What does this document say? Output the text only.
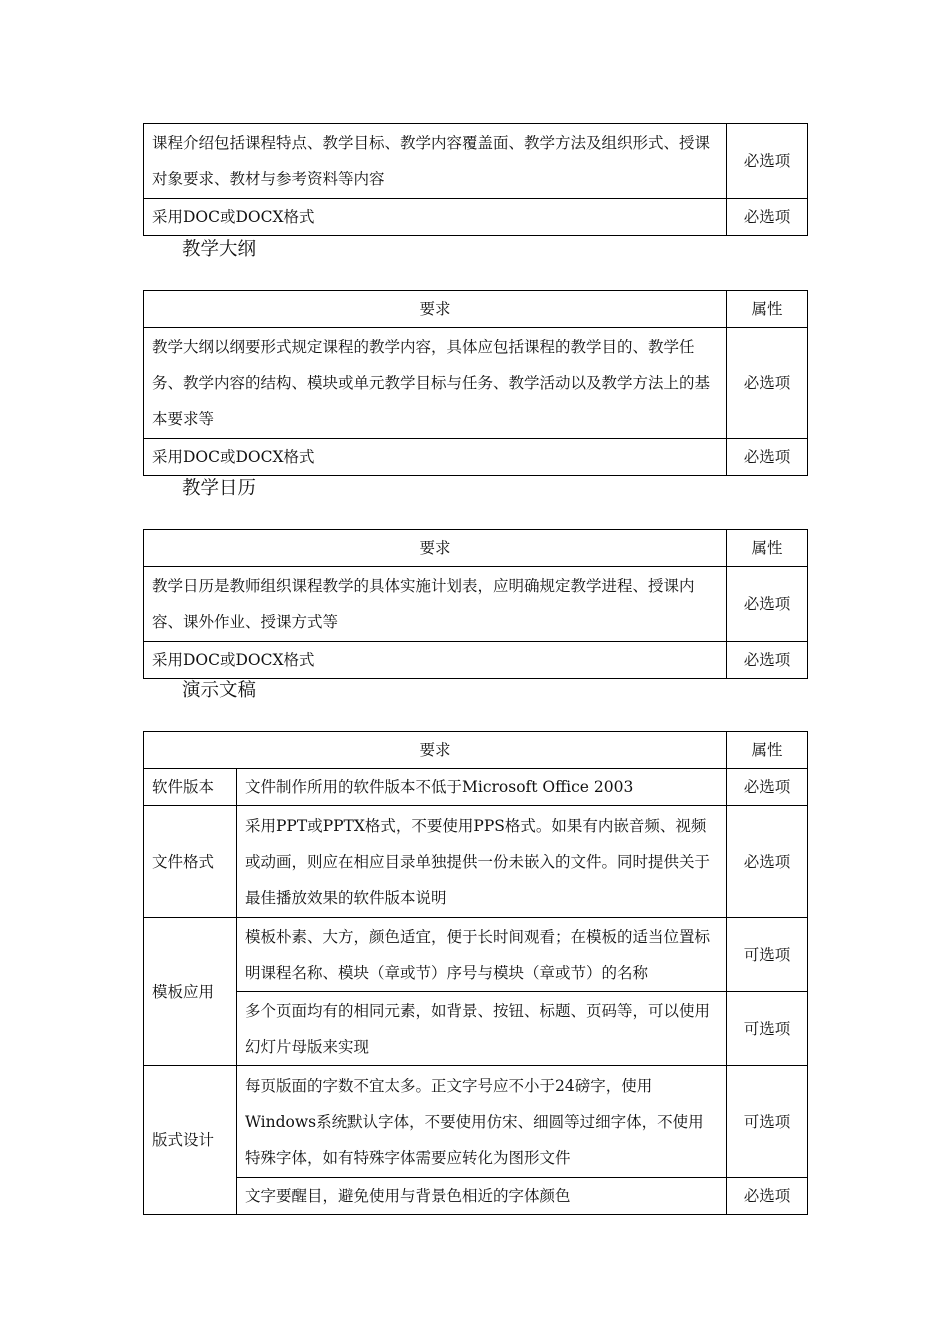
课程介绍包括课程特点、教学目标、教学内容覆盖面、教学方法及组织形式、授课对象要求、教材与参考资料等内容	必选项
采用DOC或DOCX格式	必选项
教学大纲
要求	属性
教学大纲以纲要形式规定课程的教学内容，具体应包括课程的教学目的、教学任务、教学内容的结构、模块或单元教学目标与任务、教学活动以及教学方法上的基本要求等	必选项
采用DOC或DOCX格式	必选项
教学日历
要求	属性
教学日历是教师组织课程教学的具体实施计划表，应明确规定教学进程、授课内容、课外作业、授课方式等	必选项
采用DOC或DOCX格式	必选项
演示文稿
要求		属性
软件版本	文件制作所用的软件版本不低于Microsoft Office 2003	必选项
文件格式	采用PPT或PPTX格式，不要使用PPS格式。如果有内嵌音频、视频或动画，则应在相应目录单独提供一份未嵌入的文件。同时提供关于最佳播放效果的软件版本说明	必选项
模板应用	模板朴素、大方，颜色适宜，便于长时间观看；在模板的适当位置标明课程名称、模块（章或节）序号与模块（章或节）的名称	可选项
	多个页面均有的相同元素，如背景、按钮、标题、页码等，可以使用幻灯片母版来实现	可选项
版式设计	每页版面的字数不宜太多。正文字号应不小于24磅字，使用Windows系统默认字体，不要使用仿宋、细圆等过细字体，不使用特殊字体，如有特殊字体需要应转化为图形文件	可选项
	文字要醒目，避免使用与背景色相近的字体颜色	必选项
